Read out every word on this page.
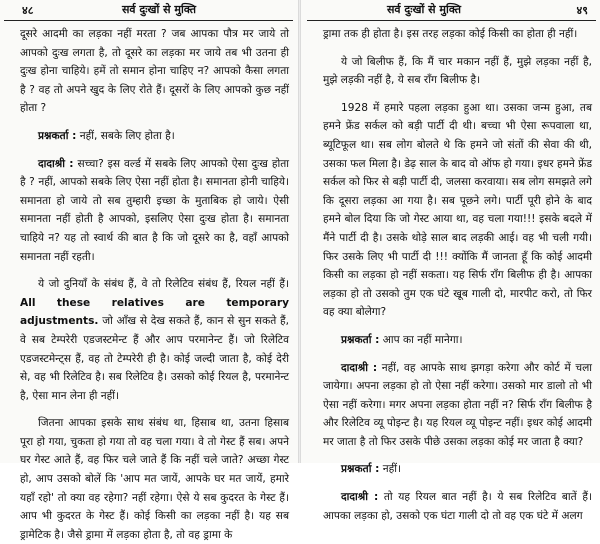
४८	सर्व दुःखों से मुक्ति

दूसरे आदमी का लड़का नहीं मरता ? जब आपका पौत्र मर जाये तो आपको दुःख लगता है, तो दूसरे का लड़का मर जाये तब भी उतना ही दुःख होना चाहिये। हमें तो समान होना चाहिए न? आपको कैसा लगता है ? वह तो अपने खुद के लिए रोते हैं। दूसरों के लिए आपको कुछ नहीं होता ?

प्रश्नकर्ता : नहीं, सबके लिए होता है।

दादाश्री : सच्चा? इस वर्ल्ड में सबके लिए आपको ऐसा दुःख होता है ? नहीं, आपको सबके लिए ऐसा नहीं होता है। समानता होनी चाहिये। समानता हो जाये तो सब तुम्हारी इच्छा के मुताबिक हो जाये। ऐसी समानता नहीं होती है आपको, इसलिए ऐसा दुःख होता है। समानता चाहिये न? यह तो स्वार्थ की बात है कि जो दूसरे का है, वहाँ आपको समानता नहीं रहती।

ये जो दुनियाँ के संबंध हैं, वे तो रिलेटिव संबंध हैं, रियल नहीं हैं। All these relatives are temporary adjustments. जो आँख से देख सकते हैं, कान से सुन सकते हैं, वे सब टेम्परेरी एडजस्टमेन्ट हैं और आप परमानेन्ट हैं। जो रिलेटिव एडजस्टमेन्ट्स हैं, वह तो टेम्परेरी ही है। कोई जल्दी जाता है, कोई देरी से, वह भी रिलेटिव है। सब रिलेटिव है। उसको कोई रियल है, परमानेन्ट है, ऐसा मान लेना ही नहीं।

जितना आपका इसके साथ संबंध था, हिसाब था, उतना हिसाब पूरा हो गया, चुकता हो गया तो वह चला गया। वे तो गेस्ट हैं सब। अपने घर गेस्ट आते हैं, वह फिर चले जाते हैं कि नहीं चले जाते? अच्छा गेस्ट हो, आप उसको बोलें कि 'आप मत जायें, आपके घर मत जायें, हमारे यहाँ रहो' तो क्या वह रहेगा? नहीं रहेगा। ऐसे ये सब कुदरत के गेस्ट हैं। आप भी कुदरत के गेस्ट हैं। कोई किसी का लड़का नहीं है। यह सब ड्रामेटिक है। जैसे ड्रामा में लड़का होता है, तो वह ड्रामा के

सर्व दुःखों से मुक्ति	४९

ड्रामा तक ही होता है। इस तरह लड़का कोई किसी का होता ही नहीं।

ये जो बिलीफ हैं, कि मैं चार मकान नहीं हैं, मुझे लड़का नहीं है, मुझे लड़की नहीं है, ये सब रॉंग बिलीफ है।

1928 में हमारे पहला लड़का हुआ था। उसका जन्म हुआ, तब हमने फ्रेंड सर्कल को बड़ी पार्टी दी थी। बच्चा भी ऐसा रूपवाला था, ब्यूटिफूल था। सब लोग बोलते थे कि हमने जो संतों की सेवा की थी, उसका फल मिला है। डेढ़ साल के बाद वो ऑफ हो गया। इधर हमने फ्रेंड सर्कल को फिर से बड़ी पार्टी दी, जलसा करवाया। सब लोग समझते लगे कि दूसरा लड़का आ गया है। सब पूछने लगे। पार्टी पूरी होने के बाद हमने बोल दिया कि जो गेस्ट आया था, वह चला गया!!! इसके बदले में मैंने पार्टी दी है। उसके थोड़े साल बाद लड़की आई। वह भी चली गयी। फिर उसके लिए भी पार्टी दी !!! क्योंकि मैं जानता हूँ कि कोई आदमी किसी का लड़का हो नहीं सकता। यह सिर्फ रॉंग बिलीफ ही है। आपका लड़का हो तो उसको तुम एक घंटे खूब गाली दो, मारपीट करो, तो फिर वह क्या बोलेगा?

प्रश्नकर्ता : आप का नहीं मानेगा।

दादाश्री : नहीं, वह आपके साथ झगड़ा करेगा और कोर्ट में चला जायेगा। अपना लड़का हो तो ऐसा नहीं करेगा। उसको मार डालो तो भी ऐसा नहीं करेगा। मगर अपना लड़का होता नहीं न? सिर्फ रॉंग बिलीफ है और रिलेटिव व्यू पोइन्ट है। यह रियल व्यू पोइन्ट नहीं। इधर कोई आदमी मर जाता है तो फिर उसके पीछे उसका लड़का कोई मर जाता है क्या?

प्रश्नकर्ता : नहीं।

दादाश्री : तो यह रियल बात नहीं है। ये सब रिलेटिव बातें हैं। आपका लड़का हो, उसको एक घंटा गाली दो तो वह एक घंटे में अलग
